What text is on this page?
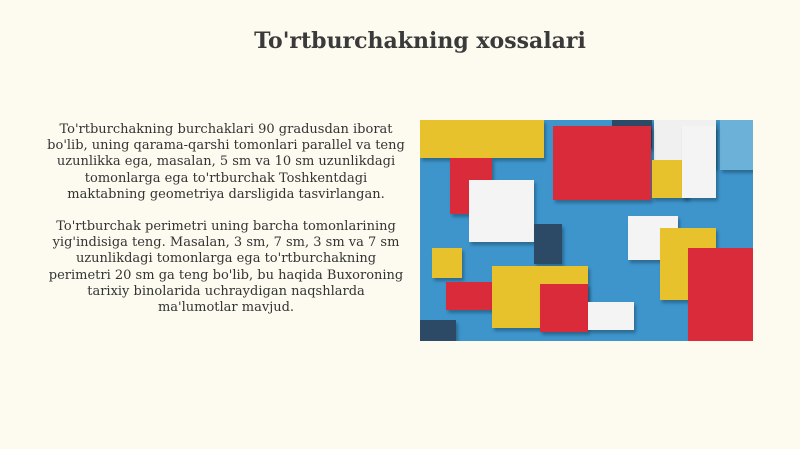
To'rtburchakning xossalari

To'rtburchakning burchaklari 90 gradusdan iborat bo'lib, uning qarama-qarshi tomonlari parallel va teng uzunlikka ega, masalan, 5 sm va 10 sm uzunlikdagi tomonlarga ega to'rtburchak Toshkentdagi maktabning geometriya darsligida tasvirlangan.

To'rtburchak perimetri uning barcha tomonlarining yig'indisiga teng. Masalan, 3 sm, 7 sm, 3 sm va 7 sm uzunlikdagi tomonlarga ega to'rtburchakning perimetri 20 sm ga teng bo'lib, bu haqida Buxoroning tarixiy binolarida uchraydigan naqshlarda ma'lumotlar mavjud.
